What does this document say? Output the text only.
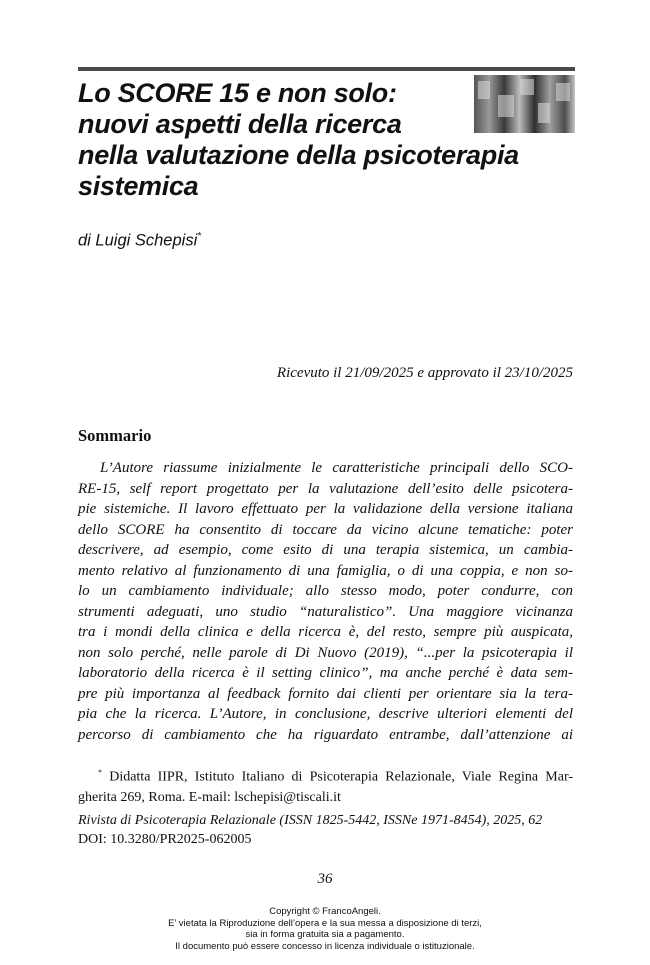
Lo SCORE 15 e non solo:
nuovi aspetti della ricerca
nella valutazione della psicoterapia
sistemica
di Luigi Schepisi*
Ricevuto il 21/09/2025 e approvato il 23/10/2025
Sommario
L’Autore riassume inizialmente le caratteristiche principali dello SCO-
RE-15, self report progettato per la valutazione dell’esito delle psicotera-
pie sistemiche. Il lavoro effettuato per la validazione della versione italiana
dello SCORE ha consentito di toccare da vicino alcune tematiche: poter
descrivere, ad esempio, come esito di una terapia sistemica, un cambia-
mento relativo al funzionamento di una famiglia, o di una coppia, e non so-
lo un cambiamento individuale; allo stesso modo, poter condurre, con
strumenti adeguati, uno studio “naturalistico”. Una maggiore vicinanza
tra i mondi della clinica e della ricerca è, del resto, sempre più auspicata,
non solo perché, nelle parole di Di Nuovo (2019), “...per la psicoterapia il
laboratorio della ricerca è il setting clinico”, ma anche perché è data sem-
pre più importanza al feedback fornito dai clienti per orientare sia la tera-
pia che la ricerca. L’Autore, in conclusione, descrive ulteriori elementi del
percorso di cambiamento che ha riguardato entrambe, dall’attenzione ai
* Didatta IIPR, Istituto Italiano di Psicoterapia Relazionale, Viale Regina Mar-
gherita 269, Roma. E-mail: lschepisi@tiscali.it
Rivista di Psicoterapia Relazionale (ISSN 1825-5442, ISSNe 1971-8454), 2025, 62
DOI: 10.3280/PR2025-062005
36
Copyright © FrancoAngeli.
E’ vietata la Riproduzione dell’opera e la sua messa a disposizione di terzi,
sia in forma gratuita sia a pagamento.
Il documento può essere concesso in licenza individuale o istituzionale.
